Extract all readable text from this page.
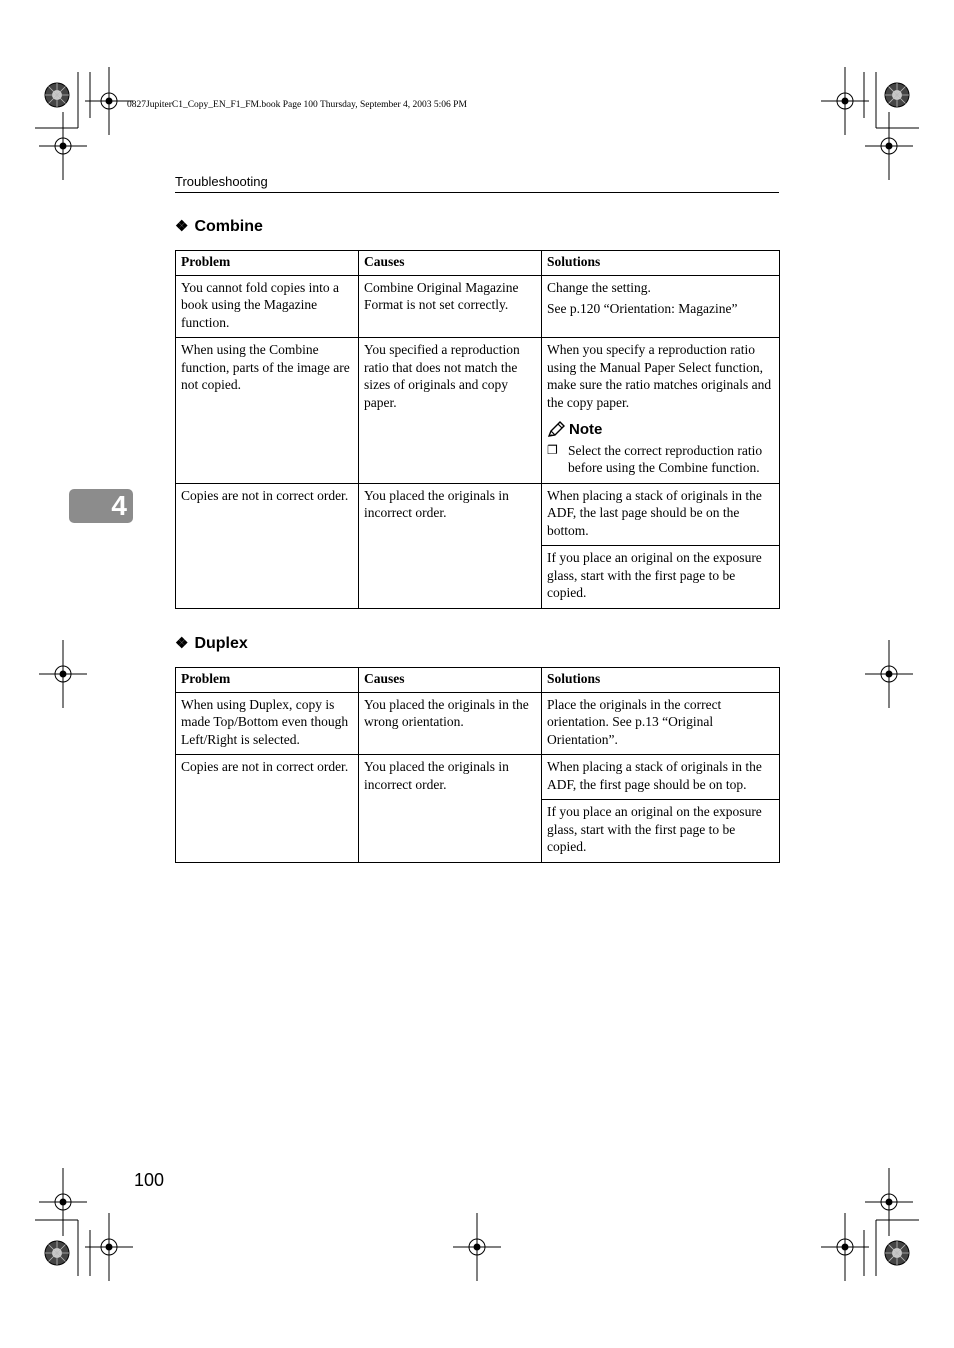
0827JupiterC1_Copy_EN_F1_FM.book Page 100 Thursday, September 4, 2003 5:06 PM
Troubleshooting
4
❖ Combine
Problem	Causes	Solutions
You cannot fold copies into a book using the Magazine function.	Combine Original Magazine Format is not set correctly.	Change the setting.

See p.120 “Orientation: Magazine”

When using the Combine function, parts of the image are not copied.	You specified a reproduction ratio that does not match the sizes of originals and copy paper.	When you specify a reproduction ratio using the Manual Paper Select function, make sure the ratio matches originals and the copy paper.

Note
❐ Select the correct reproduction ratio before using the Combine function.

Copies are not in correct order.	You placed the originals in incorrect order.	When placing a stack of originals in the ADF, the last page should be on the bottom.
		If you place an original on the exposure glass, start with the first page to be copied.
❖ Duplex
Problem	Causes	Solutions
When using Duplex, copy is made Top/Bottom even though Left/Right is selected.	You placed the originals in the wrong orientation.	Place the originals in the correct orientation. See p.13 “Original Orientation”.
Copies are not in correct order.	You placed the originals in incorrect order.	When placing a stack of originals in the ADF, the first page should be on top.
		If you place an original on the exposure glass, start with the first page to be copied.
100
